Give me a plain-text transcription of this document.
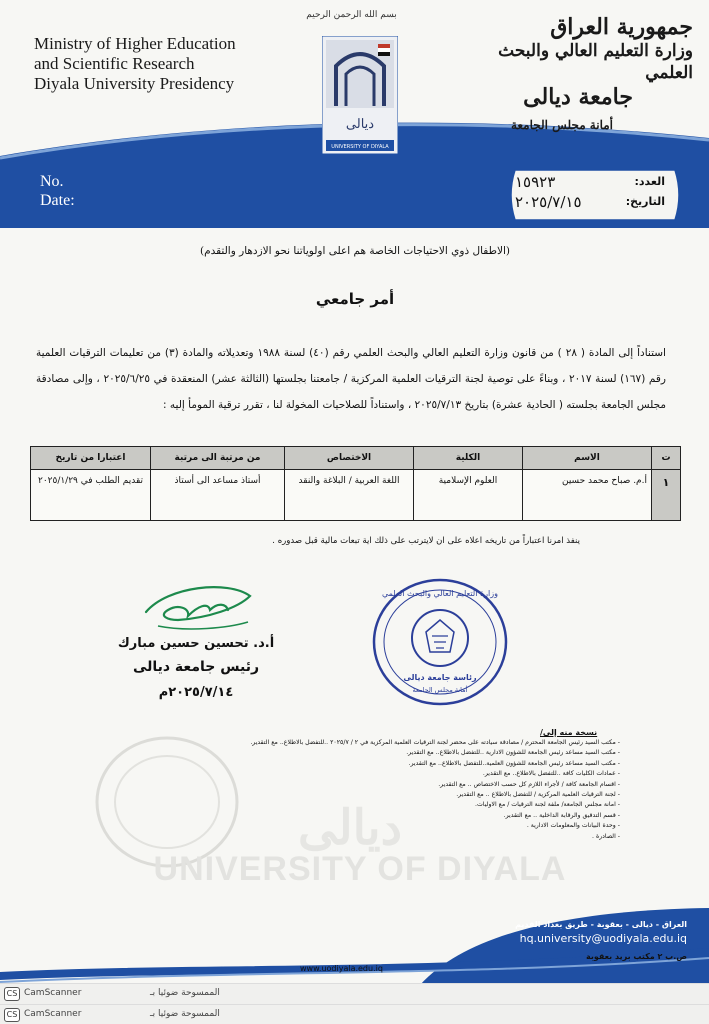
Ministry of Higher Education
and Scientific Research
Diyala University Presidency
بسم الله الرحمن الرحيم
ديالى
UNIVERSITY OF DIYALA
جمهورية العراق
وزارة التعليم العالي والبحث العلمي
جامعة ديالى
أمانة مجلس الجامعة
No.
Date:
العدد:
١٥٩٢٣
التاريخ:
٢٠٢٥/٧/١٥
(الاطفال ذوي الاحتياجات الخاصة هم اعلى اولوياتنا نحو الازدهار والتقدم)
أمر جامعي
استناداً إلى المادة ( ٢٨ ) من قانون وزارة التعليم العالي والبحث العلمي رقم (٤٠) لسنة ١٩٨٨ وتعديلاته والمادة (٣) من تعليمات الترقيات العلمية رقم (١٦٧) لسنة ٢٠١٧ ، وبناءً على توصية لجنة الترقيات العلمية المركزية / جامعتنا بجلستها (الثالثة عشر) المنعقدة في ٢٠٢٥/٦/٢٥ ، وإلى مصادقة مجلس الجامعة بجلسته ( الحادية عشرة) بتاريخ ٢٠٢٥/٧/١٣ ، واستناداً للصلاحيات المخولة لنا ، تقرر ترقية المومأ إليه :
ت	الاسم	الكلية	الاختصاص	من مرتبة الى مرتبة	اعتبارا من تاريخ
١	أ.م. صباح محمد حسين	العلوم الإسلامية	اللغة العربية / البلاغة والنقد	أستاذ مساعد الى أستاذ	تقديم الطلب في ٢٠٢٥/١/٢٩
ينفذ امرنا اعتباراً من تاريخه اعلاه على ان لايترتب على ذلك اية تبعات مالية قبل صدوره .
أ.د. تحسين حسين مبارك
رئيس جامعة ديالى
٢٠٢٥/٧/١٤م
وزارة التعليم العالي والبحث العلمي
رئاسة جامعة ديالى
أمانة مجلس الجامعة
نسخة منه إلى/
- مكتب السيد رئيس الجامعة المحترم / مصادقة سيادته على محضر لجنة الترقيات العلمية المركزية في ٢ / ٢٠٢٥/٧ ..للتفضل بالاطلاع.. مع التقدير.
- مكتب السيد مساعد رئيس الجامعة للشؤون الادارية ..للتفضل بالاطلاع.. مع التقدير.
- مكتب السيد مساعد رئيس الجامعة للشؤون العلمية..للتفضل بالاطلاع.. مع التقدير.
- عمادات الكليات كافة ..للتفضل بالاطلاع.. مع التقدير.
- اقسام الجامعة كافة / لأجراء اللازم كل حسب الاختصاص .. مع التقدير.
- لجنة الترقيات العلمية المركزية / للتفضل بالاطلاع .. مع التقدير.
- امانة مجلس الجامعة/ ملفة لجنة الترقيات / مع الاوليات.
- قسم التدقيق والرقابة الداخلية .. مع التقدير.
- وحدة البيانات والمعلومات الادارية .
- الصادرة .
ديالى
UNIVERSITY OF DIYALA
العراق - ديالى - بعقوبة - طريق بغداد القديم
hq.university@uodiyala.edu.iq
ص.ب ٢ مكتب بريد بعقوبة
www.uodiyala.edu.iq
CS CamScanner	الممسوحة ضوئيا بـ
CS CamScanner	الممسوحة ضوئيا بـ
